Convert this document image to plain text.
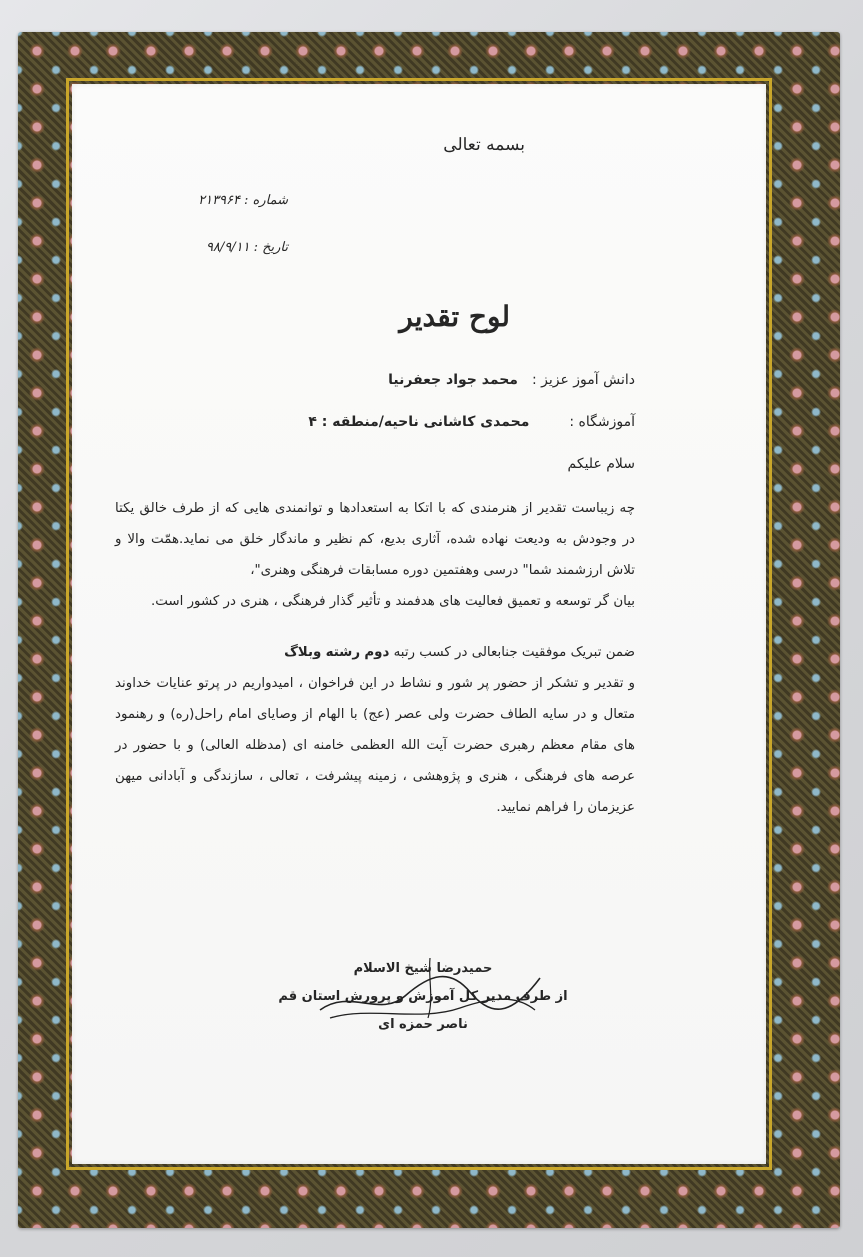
بسمه تعالی
شماره :۲۱۳۹۶۴
تاریخ :۹۸/۹/۱۱
لوح تقدیر
دانش آموز عزیز :محمد جواد جعفرنیا
آموزشگاه :محمدی کاشانی ناحیه/منطقه : ۴
سلام علیکم

چه زیباست تقدیر از هنرمندی که با اتکا به استعدادها و توانمندی هایی که از طرف خالق یکتا در وجودش به ودیعت نهاده شده، آثاری بدیع، کم نظیر و ماندگار خلق می نماید.همّت والا و تلاش ارزشمند شما" درسی وهفتمین دوره مسابقات فرهنگی وهنری"،

بیان گر توسعه و تعمیق فعالیت های هدفمند و تأثیر گذار فرهنگی ، هنری در کشور است.

ضمن تبریک موفقیت جنابعالی در کسب رتبه دوم رشته وبلاگ

و تقدیر و تشکر از حضور پر شور و نشاط در این فراخوان ، امیدواریم در پرتو عنایات خداوند متعال و در سایه الطاف حضرت ولی عصر (عج) با الهام از وصایای امام راحل(ره) و رهنمود های مقام معظم رهبری حضرت آیت الله العظمی خامنه ای (مدظله العالی) و با حضور در عرصه های فرهنگی ، هنری و پژوهشی ، زمینه پیشرفت ، تعالی ، سازندگی و آبادانی میهن عزیزمان را فراهم نمایید.

حمیدرضا شیخ الاسلام
از طرف مدیر کل آموزش و پرورش استان قم
ناصر حمزه ای
